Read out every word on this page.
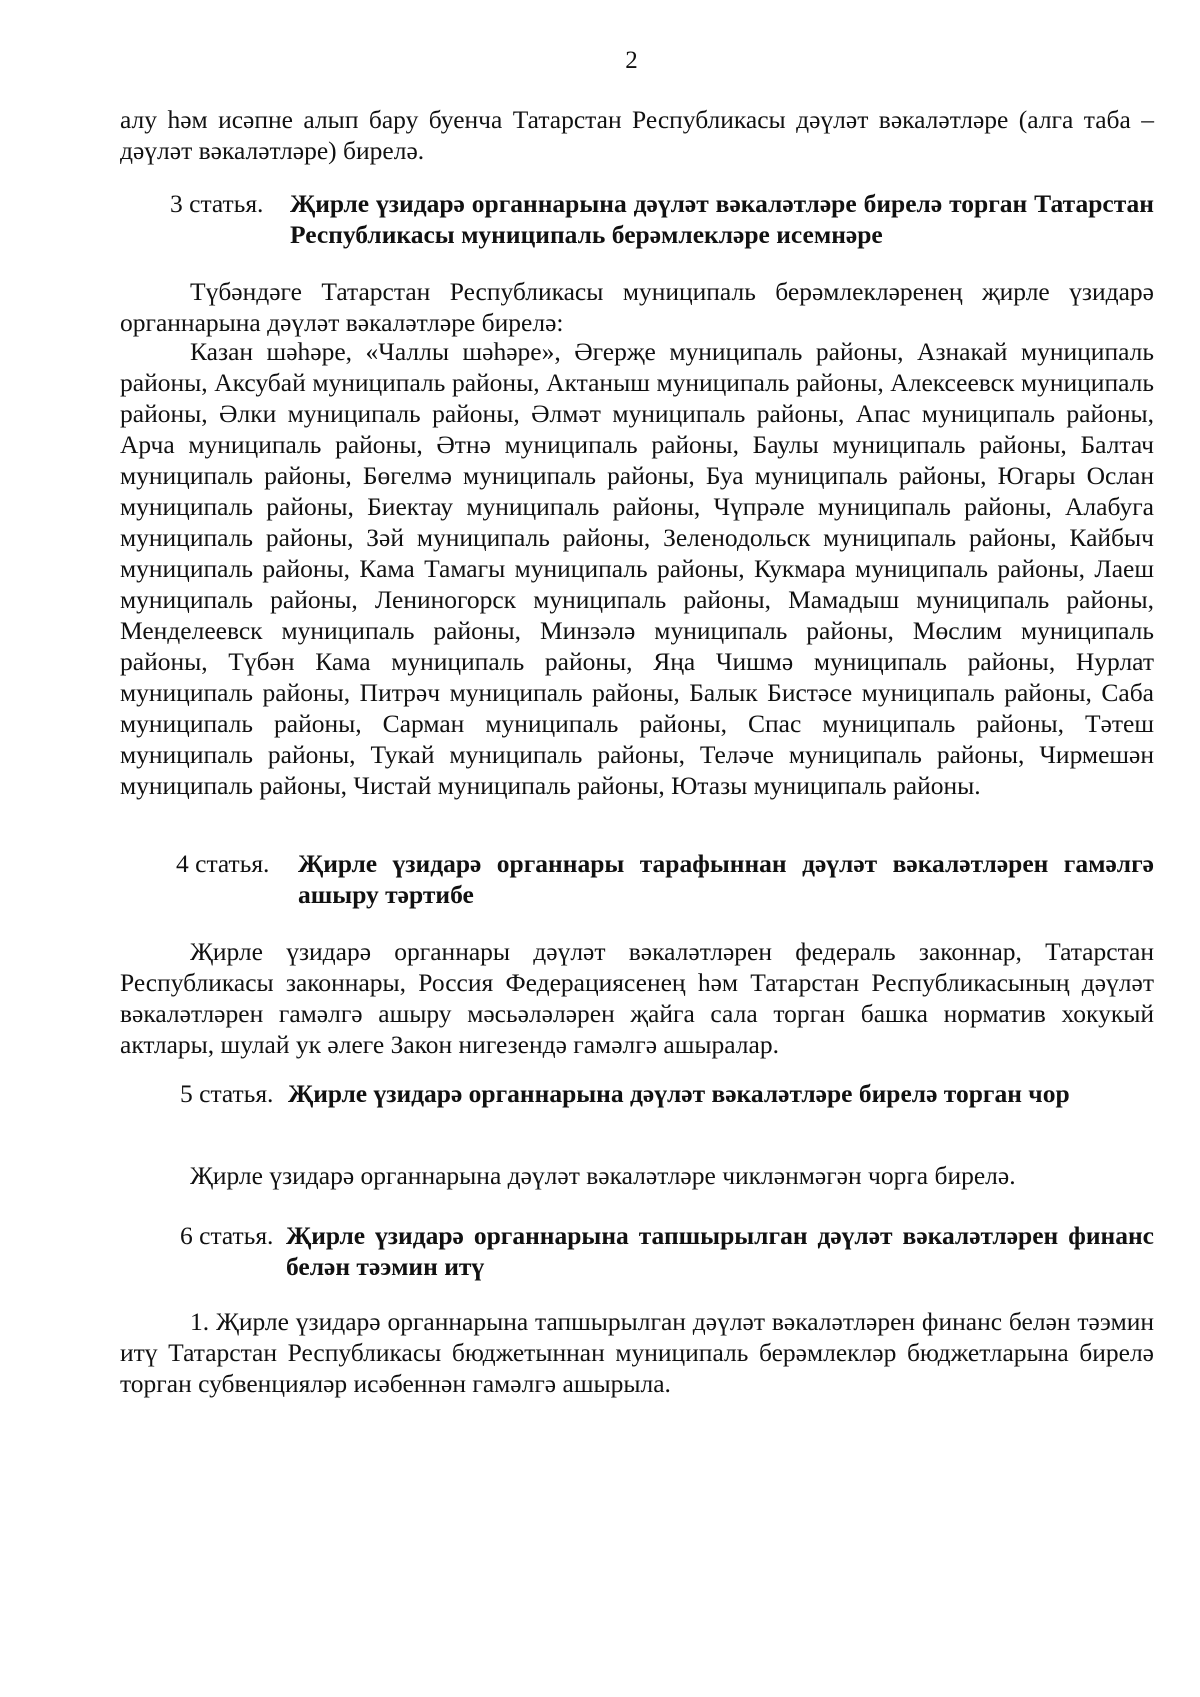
2
алу һәм исәпне алып бару буенча Татарстан Республикасы дәүләт вәкаләтләре (алга таба – дәүләт вәкаләтләре) бирелә.
3 статья. Җирле үзидарә органнарына дәүләт вәкаләтләре бирелә торган Татарстан Республикасы муниципаль берәмлекләре исемнәре
Түбәндәге Татарстан Республикасы муниципаль берәмлекләренең җирле үзидарә органнарына дәүләт вәкаләтләре бирелә:
Казан шәһәре, «Чаллы шәһәре», Әгерҗе муниципаль районы, Азнакай муниципаль районы, Аксубай муниципаль районы, Актаныш муниципаль районы, Алексеевск муниципаль районы, Әлки муниципаль районы, Әлмәт муниципаль районы, Апас муниципаль районы, Арча муниципаль районы, Әтнә муниципаль районы, Баулы муниципаль районы, Балтач муниципаль районы, Бөгелмә муниципаль районы, Буа муниципаль районы, Югары Ослан муниципаль районы, Биектау муниципаль районы, Чүпрәле муниципаль районы, Алабуга муниципаль районы, Зәй муниципаль районы, Зеленодольск муниципаль районы, Кайбыч муниципаль районы, Кама Тамагы муниципаль районы, Кукмара муниципаль районы, Лаеш муниципаль районы, Лениногорск муниципаль районы, Мамадыш муниципаль районы, Менделеевск муниципаль районы, Минзәлә муниципаль районы, Мөслим муниципаль районы, Түбән Кама муниципаль районы, Яңа Чишмә муниципаль районы, Нурлат муниципаль районы, Питрәч муниципаль районы, Балык Бистәсе муниципаль районы, Саба муниципаль районы, Сарман муниципаль районы, Спас муниципаль районы, Тәтеш муниципаль районы, Тукай муниципаль районы, Теләче муниципаль районы, Чирмешән муниципаль районы, Чистай муниципаль районы, Ютазы муниципаль районы.
4 статья. Җирле үзидарә органнары тарафыннан дәүләт вәкаләтләрен гамәлгә ашыру тәртибе
Җирле үзидарә органнары дәүләт вәкаләтләрен федераль законнар, Татарстан Республикасы законнары, Россия Федерациясенең һәм Татарстан Республикасының дәүләт вәкаләтләрен гамәлгә ашыру мәсьәләләрен җайга сала торган башка норматив хокукый актлары, шулай ук әлеге Закон нигезендә гамәлгә ашыралар.
5 статья. Җирле үзидарә органнарына дәүләт вәкаләтләре бирелә торган чор
Җирле үзидарә органнарына дәүләт вәкаләтләре чикләнмәгән чорга бирелә.
6 статья. Җирле үзидарә органнарына тапшырылган дәүләт вәкаләтләрен финанс белән тәэмин итү
1. Җирле үзидарә органнарына тапшырылган дәүләт вәкаләтләрен финанс белән тәэмин итү Татарстан Республикасы бюджетыннан муниципаль берәмлекләр бюджетларына бирелә торган субвенцияләр исәбеннән гамәлгә ашырыла.
